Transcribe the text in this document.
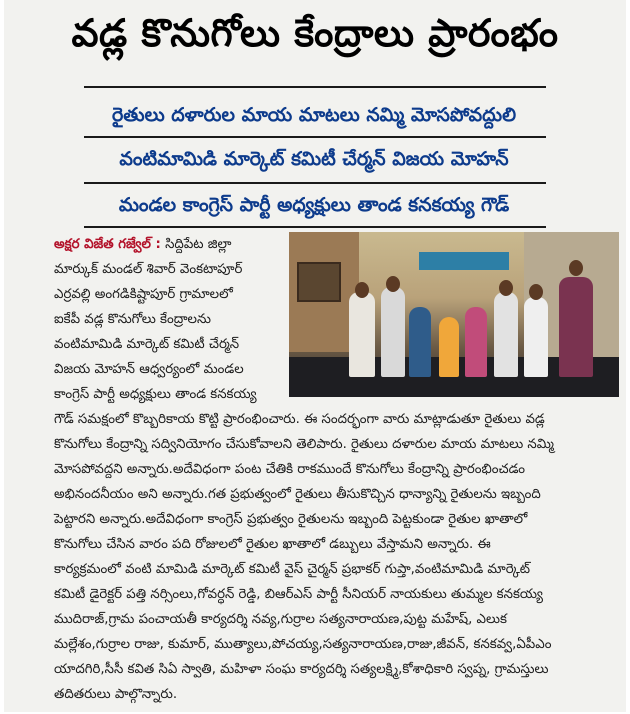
వడ్ల కొనుగోలు కేంద్రాలు ప్రారంభం
రైతులు దళారుల మాయ మాటలు నమ్మి మోసపోవద్దులి
వంటిమామిడి మార్కెట్ కమిటీ చేర్మన్ విజయ మోహన్
మండల కాంగ్రెస్ పార్టీ అధ్యక్షులు తాండ కనకయ్య గౌడ్
అక్షర విజేత గజ్వేల్ : సిద్దిపేట జిల్లా
మార్కుక్ మండల్ శివార్ వెంకటాపూర్
ఎర్రవల్లి అంగడికిష్టాపూర్ గ్రామాలలో
ఐకేపీ వడ్ల కొనుగోలు కేంద్రాలను
వంటిమామిడి మార్కెట్ కమిటీ చేర్మన్
విజయ మోహన్ ఆధ్వర్యంలో మండల
కాంగ్రెస్ పార్టీ అధ్యక్షులు తాండ కనకయ్య
గౌడ్ సమక్షంలో కొబ్బరికాయ కొట్టి ప్రారంభించారు. ఈ సందర్భంగా వారు మాట్లాడుతూ రైతులు వడ్ల
కొనుగోలు కేంద్రాన్ని సద్వినియోగం చేసుకోవాలని తెలిపారు. రైతులు దళారుల మాయ మాటలు నమ్మి
మోసపోవద్దని అన్నారు.అదేవిధంగా పంట చేతికి రాకముందే కొనుగోలు కేంద్రాన్ని ప్రారంభించడం
అభినందనీయం అని అన్నారు.గత ప్రభుత్వంలో రైతులు తీసుకొచ్చిన ధాన్యాన్ని రైతులను ఇబ్బంది
పెట్టారని అన్నారు.అదేవిధంగా కాంగ్రెస్ ప్రభుత్వం రైతులను ఇబ్బంది పెట్టకుండా రైతుల ఖాతాలో
కొనుగోలు చేసిన వారం పది రోజులలో రైతుల ఖాతాలో డబ్బులు వేస్తామని అన్నారు. ఈ
కార్యక్రమంలో వంటి మామిడి మార్కెట్ కమిటీ వైస్ చైర్మన్ ప్రభాకర్ గుప్తా,వంటిమామిడి మార్కెట్
కమిటీ డైరెక్టర్ పత్తి నర్సింలు,గోవర్ధన్ రెడ్డి, బిఆర్ఎస్ పార్టీ సీనియర్ నాయకులు తుమ్మల కనకయ్య
ముదిరాజ్,గ్రామ పంచాయతీ కార్యదర్శి నవ్య,గుర్రాల సత్యనారాయణ,పుట్ట మహేష్, ఎలుక
మల్లేశం,గుర్రాల రాజు, కుమార్, ముత్యాలు,పోచయ్య,సత్యనారాయణ,రాజు,జీవన్, కనకవ్వ,ఏపీఎం
యాదగిరి,సీసీ కవిత సిఏ స్వాతి, మహిళా సంఘ కార్యదర్శి సత్యలక్ష్మి,కోశాధికారి స్వప్న, గ్రామస్తులు
తదితరులు పాల్గొన్నారు.
